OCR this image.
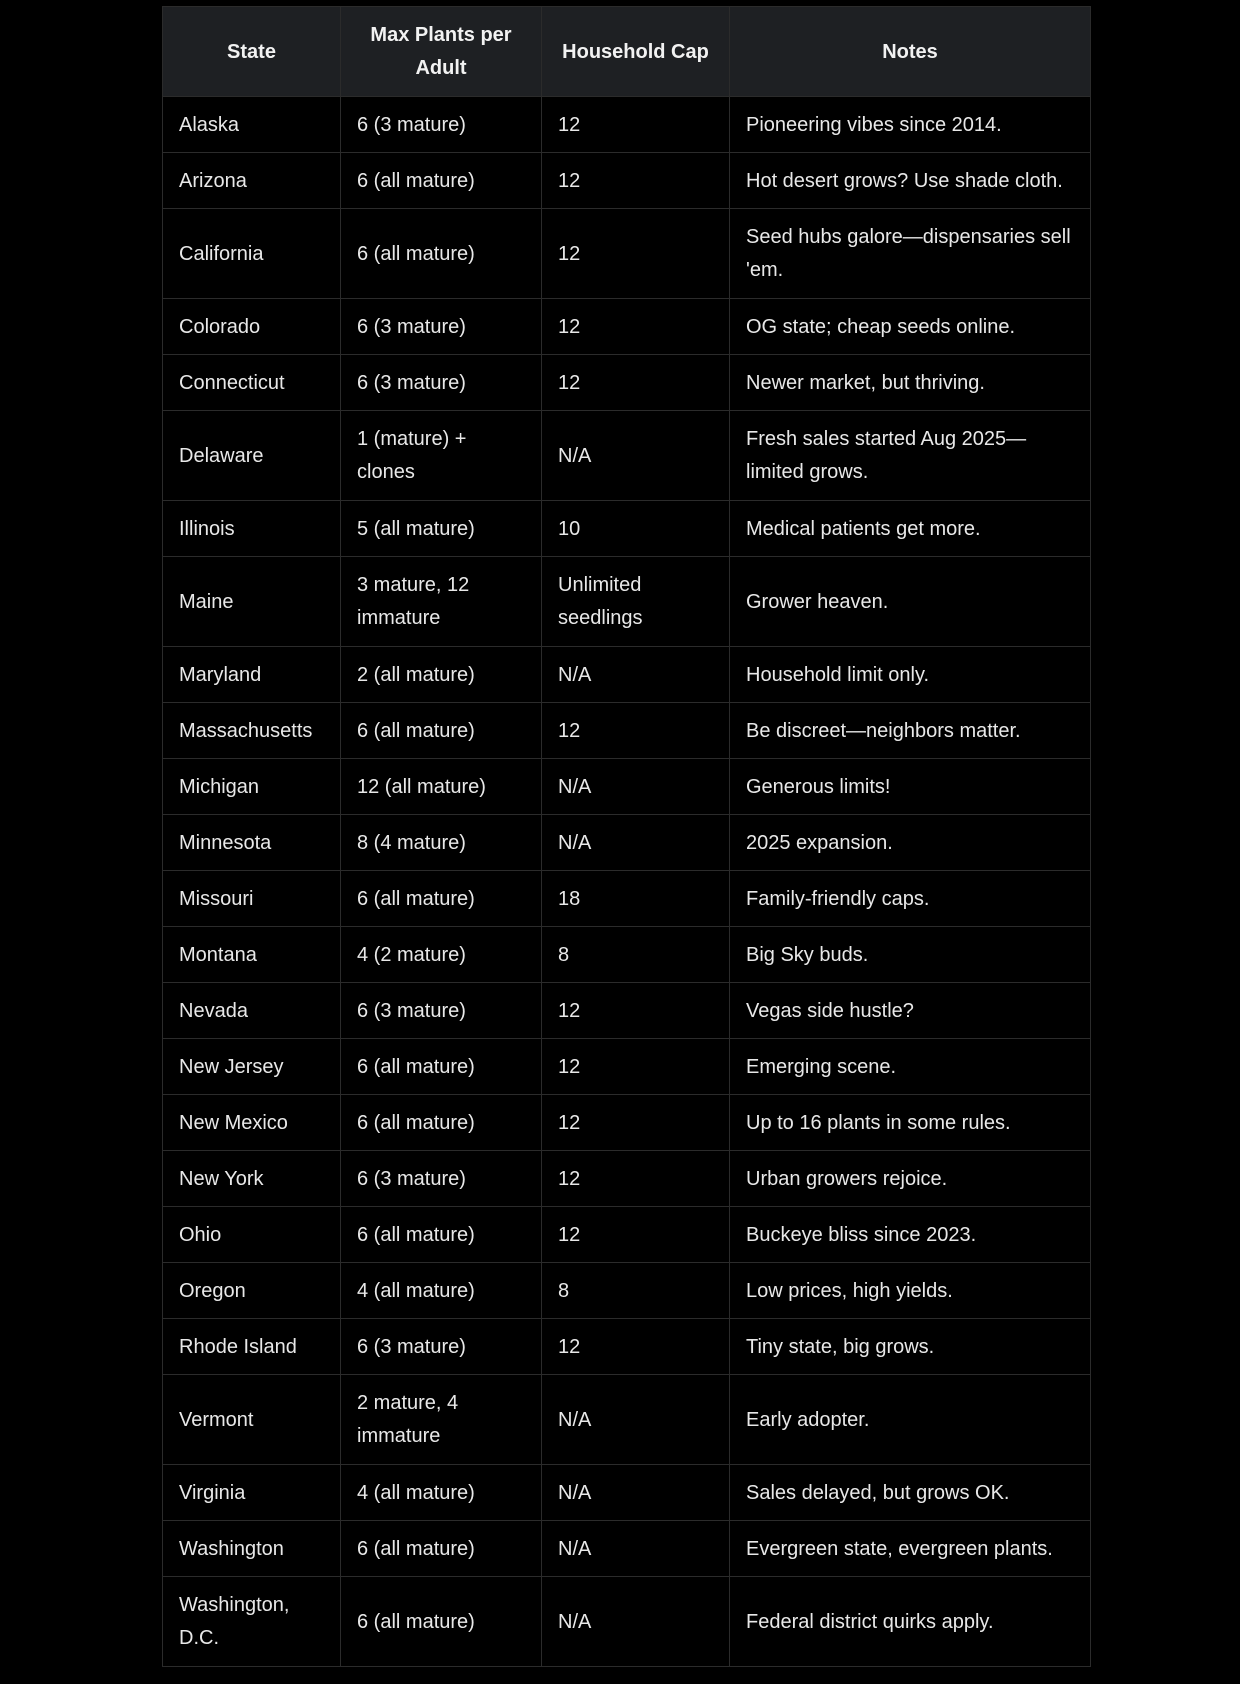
State	Max Plants per Adult	Household Cap	Notes
Alaska	6 (3 mature)	12	Pioneering vibes since 2014.
Arizona	6 (all mature)	12	Hot desert grows? Use shade cloth.
California	6 (all mature)	12	Seed hubs galore—dispensaries sell 'em.
Colorado	6 (3 mature)	12	OG state; cheap seeds online.
Connecticut	6 (3 mature)	12	Newer market, but thriving.
Delaware	1 (mature) + clones	N/A	Fresh sales started Aug 2025—limited grows.
Illinois	5 (all mature)	10	Medical patients get more.
Maine	3 mature, 12 immature	Unlimited seedlings	Grower heaven.
Maryland	2 (all mature)	N/A	Household limit only.
Massachusetts	6 (all mature)	12	Be discreet—neighbors matter.
Michigan	12 (all mature)	N/A	Generous limits!
Minnesota	8 (4 mature)	N/A	2025 expansion.
Missouri	6 (all mature)	18	Family-friendly caps.
Montana	4 (2 mature)	8	Big Sky buds.
Nevada	6 (3 mature)	12	Vegas side hustle?
New Jersey	6 (all mature)	12	Emerging scene.
New Mexico	6 (all mature)	12	Up to 16 plants in some rules.
New York	6 (3 mature)	12	Urban growers rejoice.
Ohio	6 (all mature)	12	Buckeye bliss since 2023.
Oregon	4 (all mature)	8	Low prices, high yields.
Rhode Island	6 (3 mature)	12	Tiny state, big grows.
Vermont	2 mature, 4 immature	N/A	Early adopter.
Virginia	4 (all mature)	N/A	Sales delayed, but grows OK.
Washington	6 (all mature)	N/A	Evergreen state, evergreen plants.
Washington, D.C.	6 (all mature)	N/A	Federal district quirks apply.
